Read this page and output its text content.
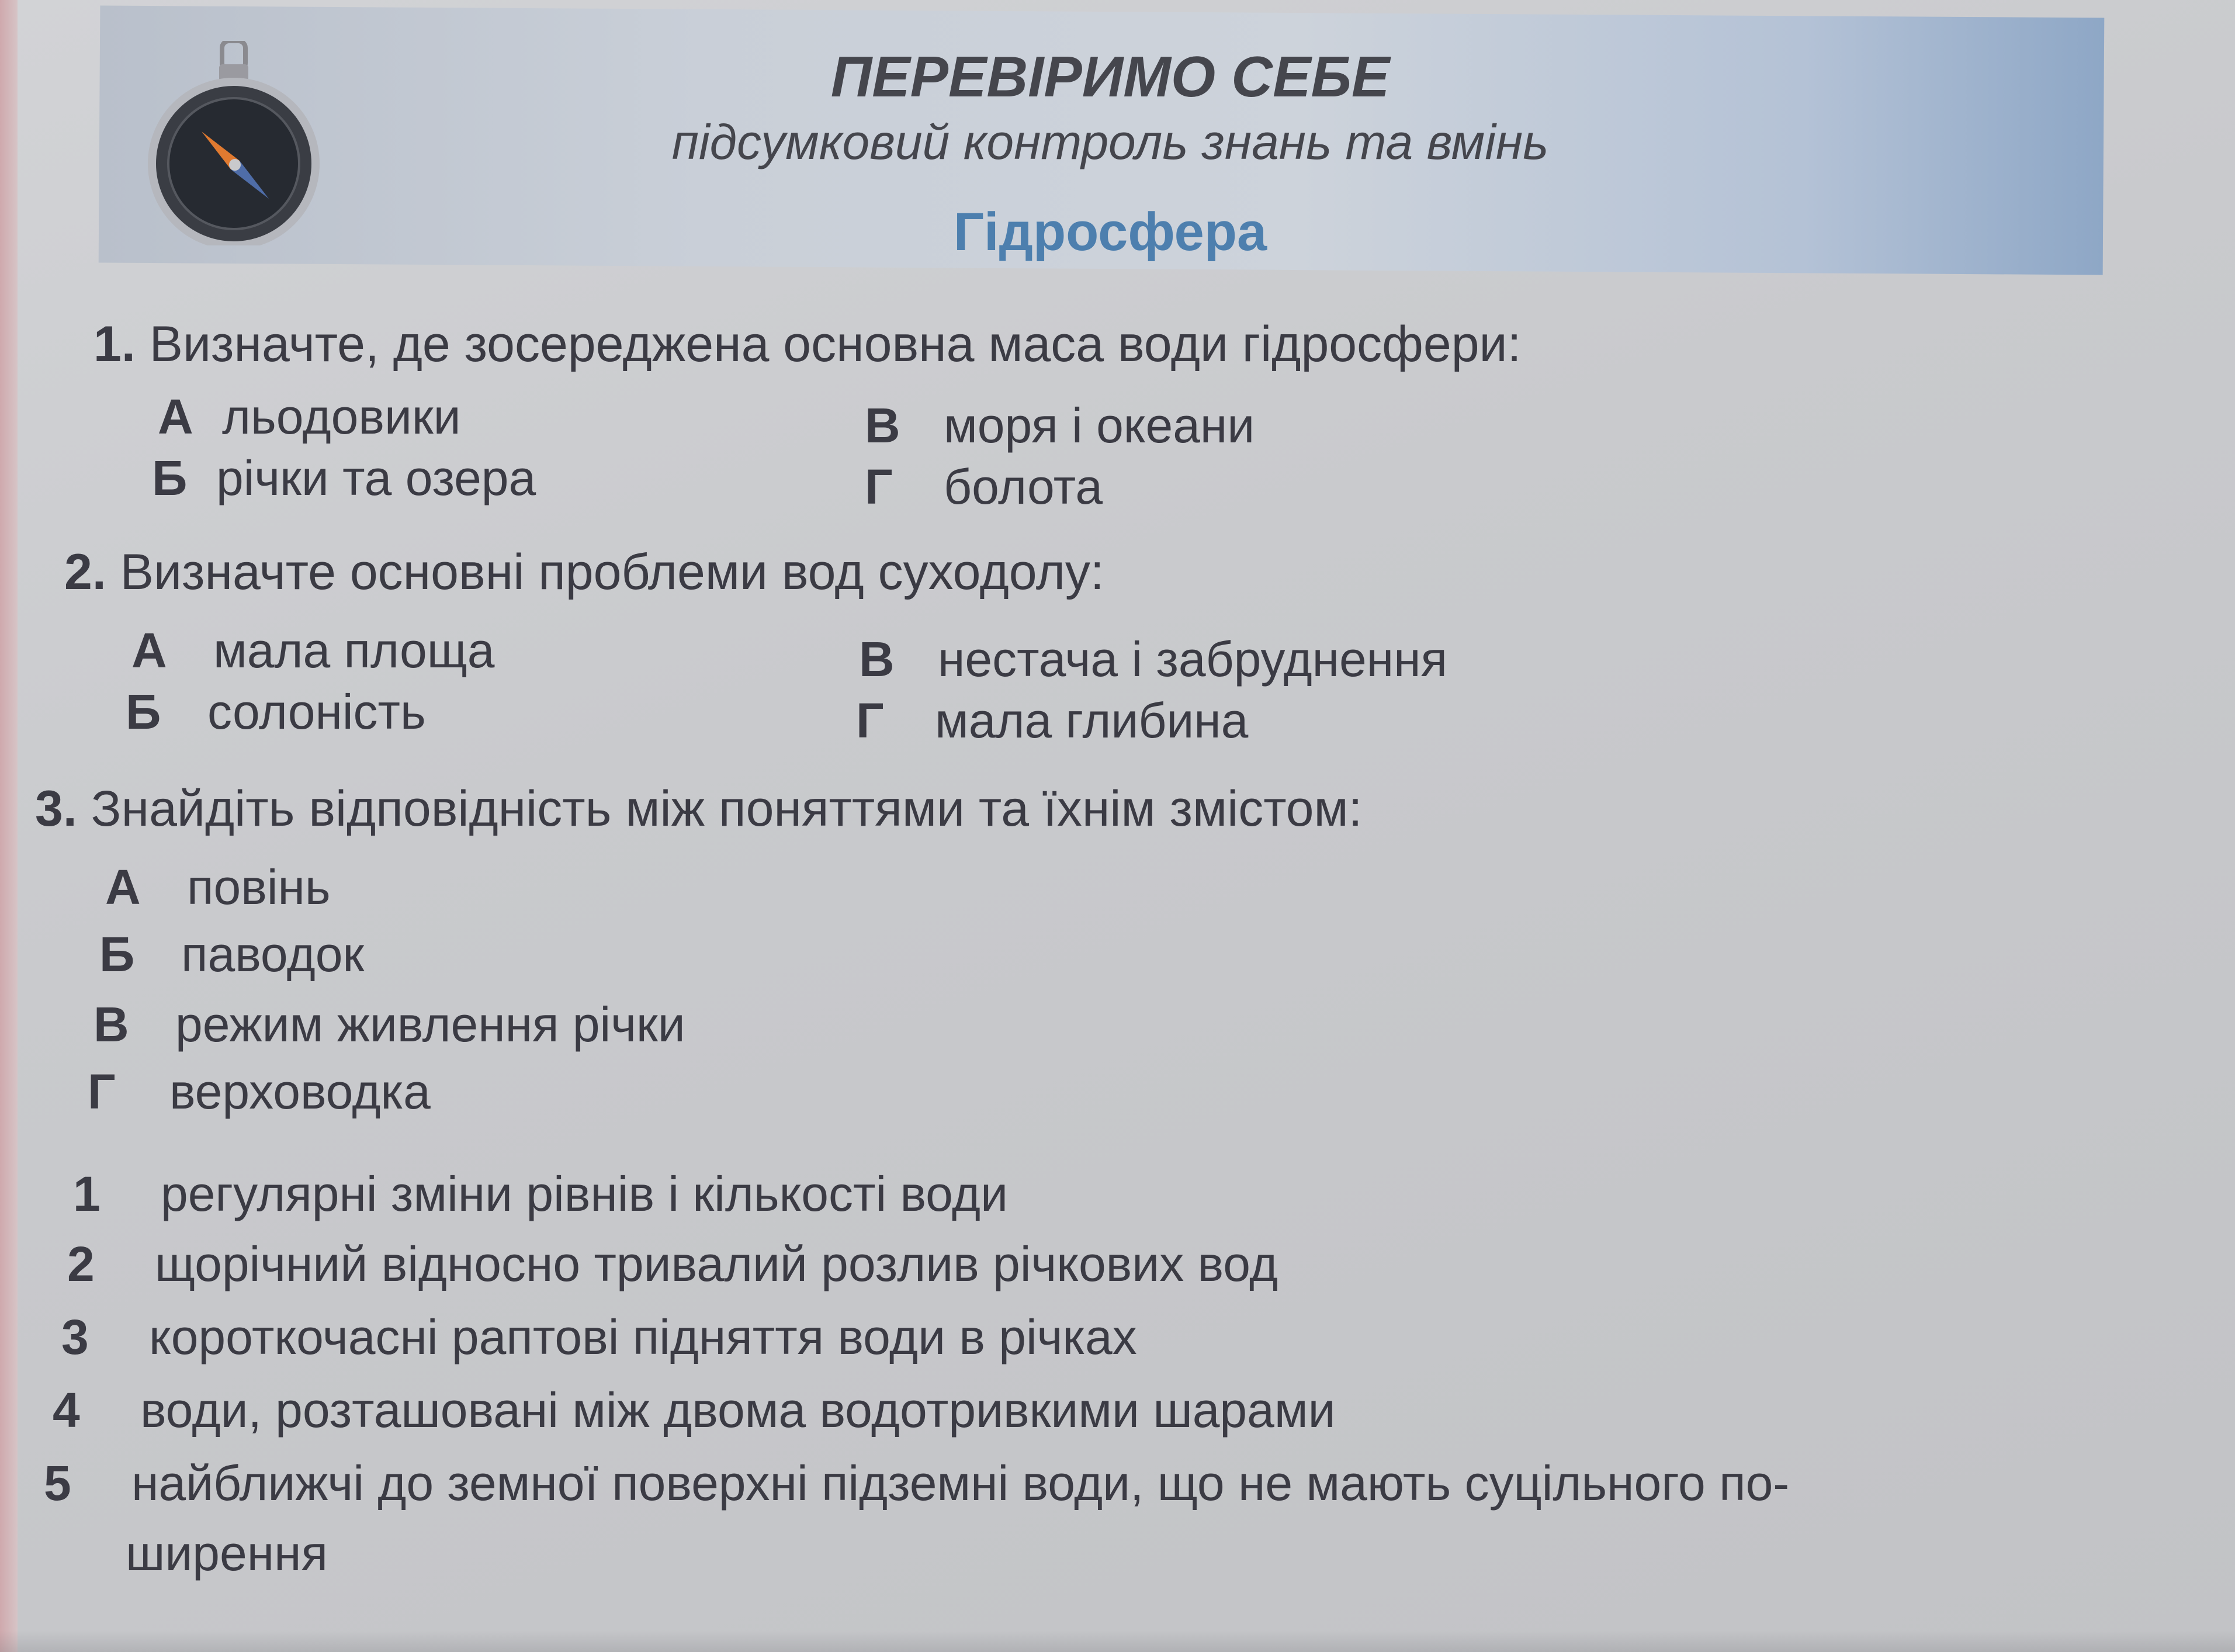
ПЕРЕВІРИМО СЕБЕ
підсумковий контроль знань та вмінь
Гідросфера
1. Визначте, де зосереджена основна маса води гідросфери:
А льодовики
Б річки та озера
В моря і океани
Г болота
2. Визначте основні проблеми вод суходолу:
А мала площа
Б солоність
В нестача і забруднення
Г мала глибина
3. Знайдіть відповідність між поняттями та їхнім змістом:
А повінь
Б паводок
В режим живлення річки
Г верховодка
1 регулярні зміни рівнів і кількості води
2 щорічний відносно тривалий розлив річкових вод
3 короткочасні раптові підняття води в річках
4 води, розташовані між двома водотривкими шарами
5 найближчі до земної поверхні підземні води, що не мають суцільного по-
ширення
